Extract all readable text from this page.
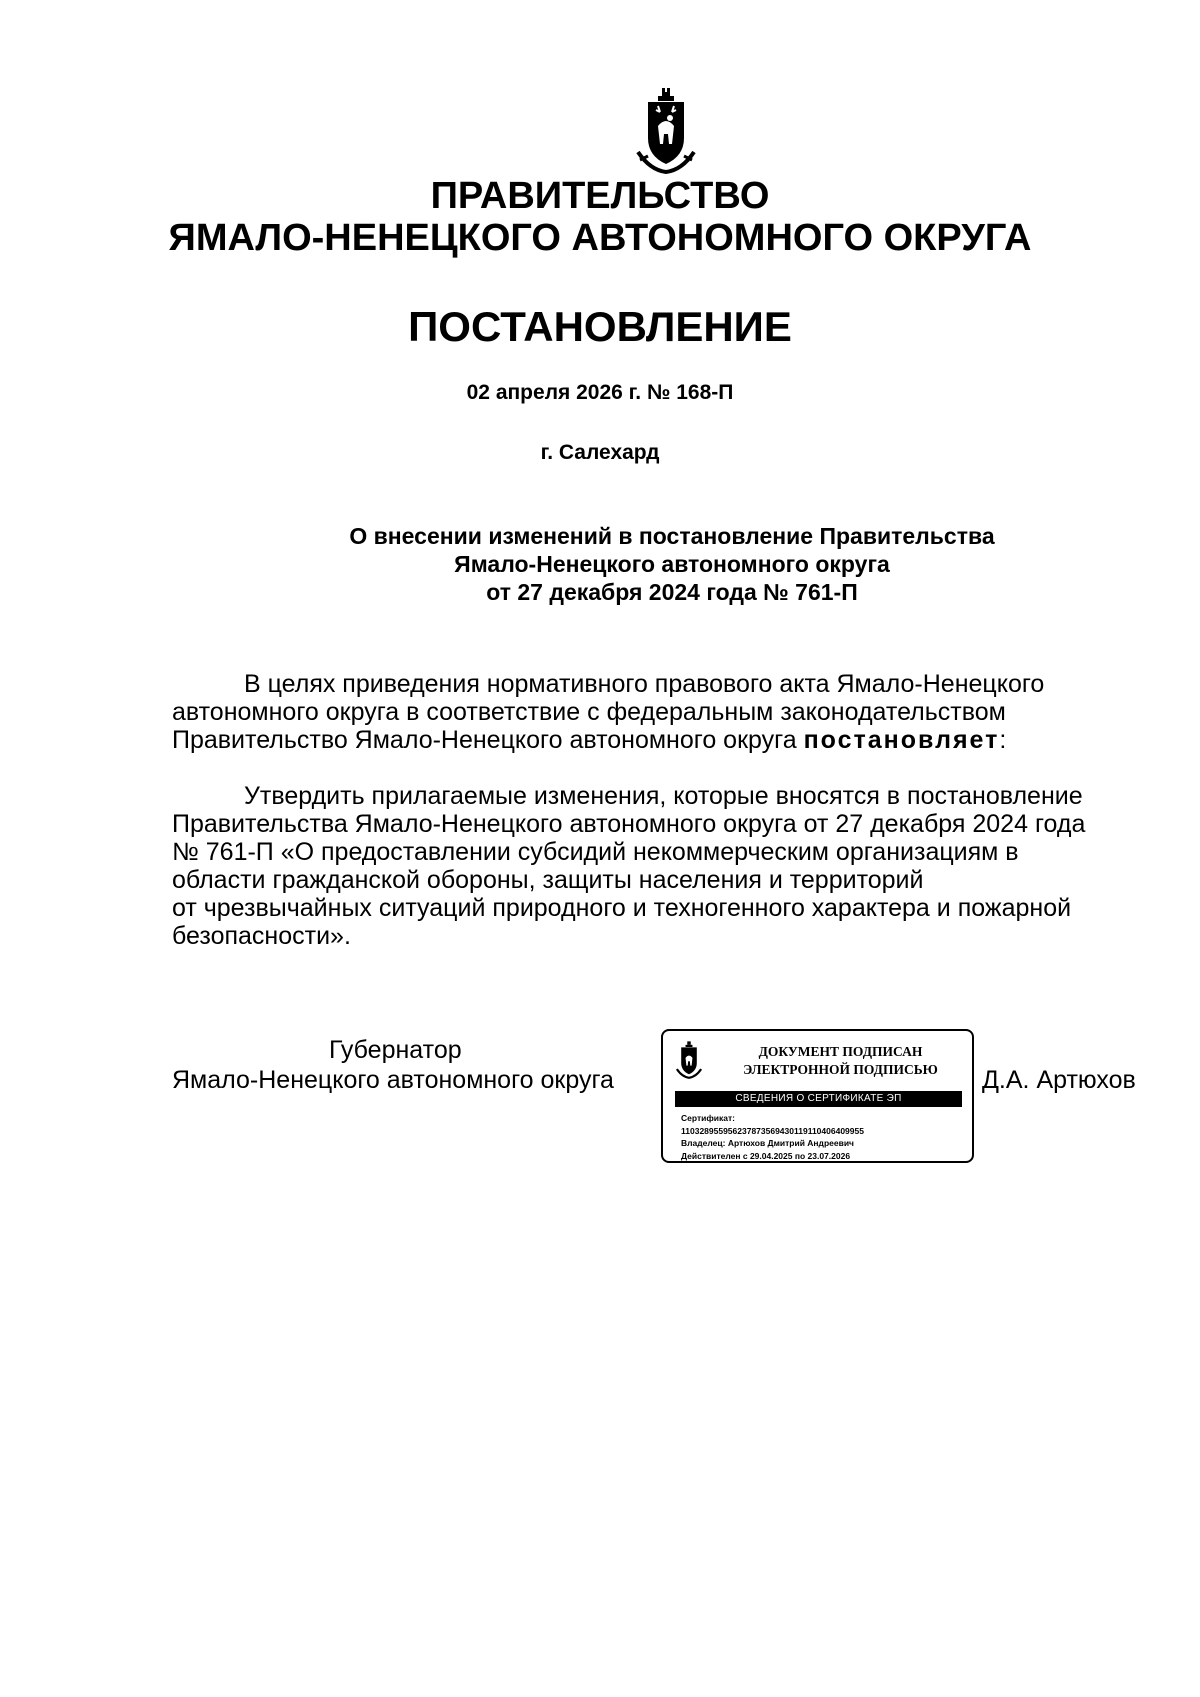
ПРАВИТЕЛЬСТВО
ЯМАЛО-НЕНЕЦКОГО АВТОНОМНОГО ОКРУГА
ПОСТАНОВЛЕНИЕ
02 апреля 2026 г. № 168-П
г. Салехард
О внесении изменений в постановление Правительства
Ямало-Ненецкого автономного округа
от 27 декабря 2024 года № 761-П
В целях приведения нормативного правового акта Ямало-Ненецкого
автономного округа в соответствие с федеральным законодательством
Правительство Ямало-Ненецкого автономного округа постановляет:
Утвердить прилагаемые изменения, которые вносятся в постановление
Правительства Ямало-Ненецкого автономного округа от 27 декабря 2024 года
№ 761-П «О предоставлении субсидий некоммерческим организациям в
области гражданской обороны, защиты населения и территорий
от чрезвычайных ситуаций природного и техногенного характера и пожарной
безопасности».
Губернатор
Ямало-Ненецкого автономного округа
ДОКУМЕНТ ПОДПИСАН
ЭЛЕКТРОННОЙ ПОДПИСЬЮ
СВЕДЕНИЯ О СЕРТИФИКАТЕ ЭП
Сертификат:
110328955956237873569430119110406409955
Владелец: Артюхов Дмитрий Андреевич
Действителен с 29.04.2025 по 23.07.2026
Д.А. Артюхов
